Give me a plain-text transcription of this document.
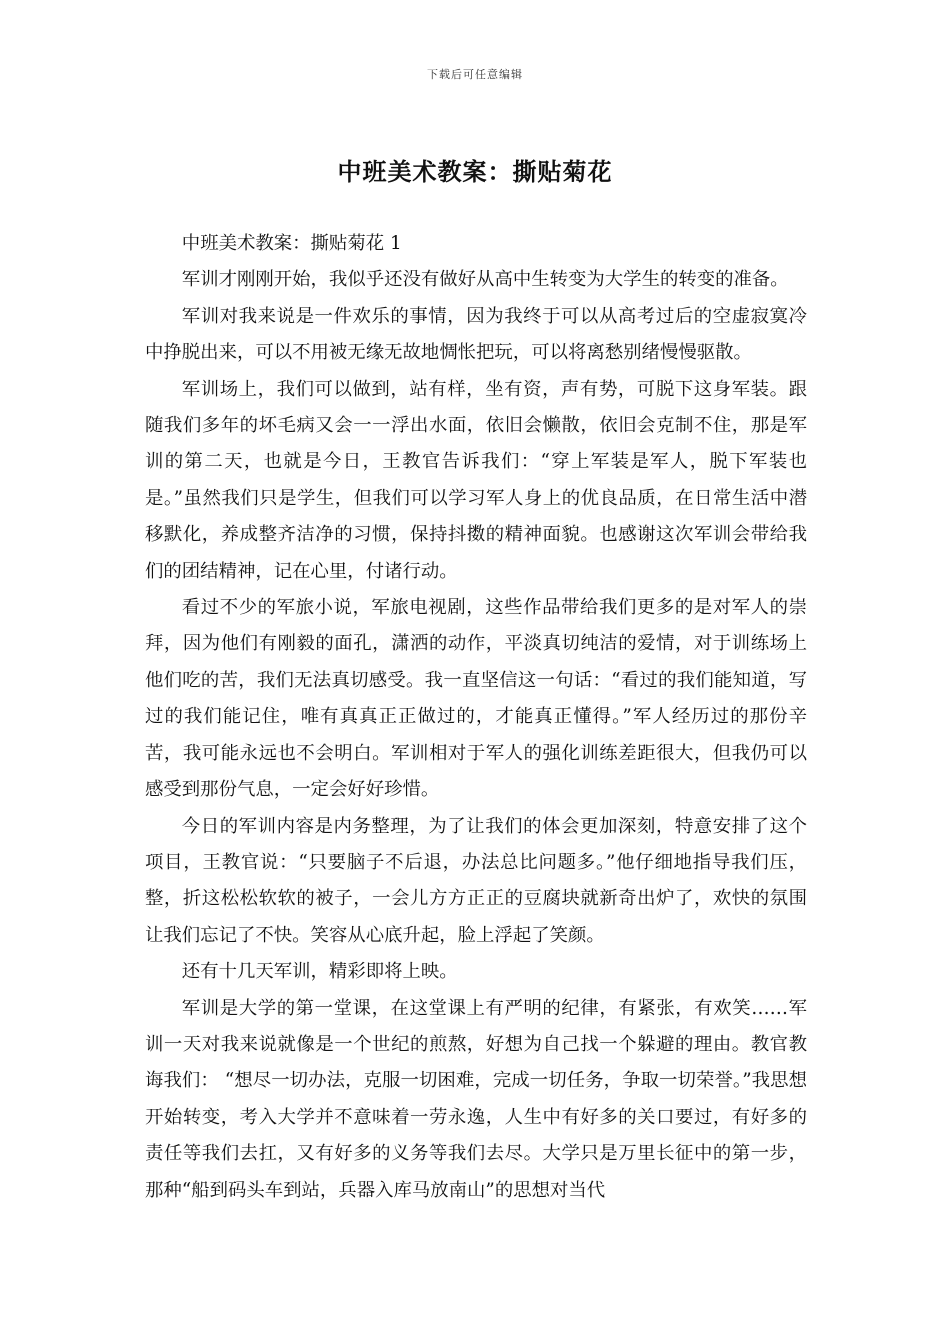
下载后可任意编辑
中班美术教案：撕贴菊花

中班美术教案：撕贴菊花 1

军训才刚刚开始，我似乎还没有做好从高中生转变为大学生的转变的准备。

军训对我来说是一件欢乐的事情，因为我终于可以从高考过后的空虚寂寞冷中挣脱出来，可以不用被无缘无故地惆怅把玩，可以将离愁别绪慢慢驱散。

军训场上，我们可以做到，站有样，坐有资，声有势，可脱下这身军装。跟随我们多年的坏毛病又会一一浮出水面，依旧会懒散，依旧会克制不住，那是军训的第二天，也就是今日，王教官告诉我们：“穿上军装是军人，脱下军装也是。”虽然我们只是学生，但我们可以学习军人身上的优良品质，在日常生活中潜移默化，养成整齐洁净的习惯，保持抖擞的精神面貌。也感谢这次军训会带给我们的团结精神，记在心里，付诸行动。

看过不少的军旅小说，军旅电视剧，这些作品带给我们更多的是对军人的崇拜，因为他们有刚毅的面孔，潇洒的动作，平淡真切纯洁的爱情，对于训练场上他们吃的苦，我们无法真切感受。我一直坚信这一句话：“看过的我们能知道，写过的我们能记住，唯有真真正正做过的，才能真正懂得。”军人经历过的那份辛苦，我可能永远也不会明白。军训相对于军人的强化训练差距很大，但我仍可以感受到那份气息，一定会好好珍惜。

今日的军训内容是内务整理，为了让我们的体会更加深刻，特意安排了这个项目，王教官说：“只要脑子不后退，办法总比问题多。”他仔细地指导我们压，整，折这松松软软的被子，一会儿方方正正的豆腐块就新奇出炉了，欢快的氛围让我们忘记了不快。笑容从心底升起，脸上浮起了笑颜。

还有十几天军训，精彩即将上映。

军训是大学的第一堂课，在这堂课上有严明的纪律，有紧张，有欢笑……军训一天对我来说就像是一个世纪的煎熬，好想为自己找一个躲避的理由。教官教诲我们： “想尽一切办法，克服一切困难，完成一切任务，争取一切荣誉。”我思想开始转变，考入大学并不意味着一劳永逸，人生中有好多的关口要过，有好多的责任等我们去扛，又有好多的义务等我们去尽。大学只是万里长征中的第一步，那种“船到码头车到站，兵器入库马放南山”的思想对当代
